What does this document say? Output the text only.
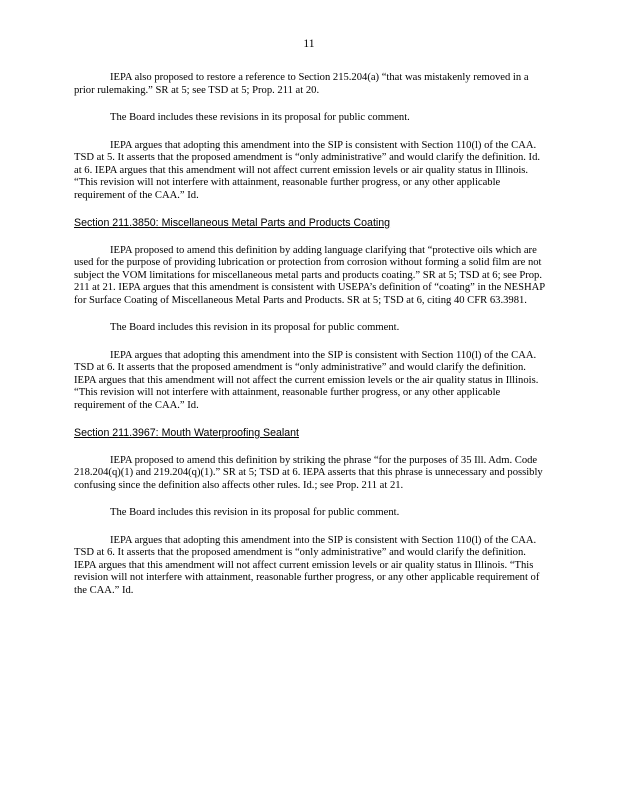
11

IEPA also proposed to restore a reference to Section 215.204(a) “that was mistakenly removed in a prior rulemaking.” SR at 5; see TSD at 5; Prop. 211 at 20.

The Board includes these revisions in its proposal for public comment.

IEPA argues that adopting this amendment into the SIP is consistent with Section 110(l) of the CAA. TSD at 5. It asserts that the proposed amendment is “only administrative” and would clarify the definition. Id. at 6. IEPA argues that this amendment will not affect current emission levels or air quality status in Illinois. “This revision will not interfere with attainment, reasonable further progress, or any other applicable requirement of the CAA.” Id.

Section 211.3850: Miscellaneous Metal Parts and Products Coating

IEPA proposed to amend this definition by adding language clarifying that “protective oils which are used for the purpose of providing lubrication or protection from corrosion without forming a solid film are not subject the VOM limitations for miscellaneous metal parts and products coating.” SR at 5; TSD at 6; see Prop. 211 at 21. IEPA argues that this amendment is consistent with USEPA’s definition of “coating” in the NESHAP for Surface Coating of Miscellaneous Metal Parts and Products. SR at 5; TSD at 6, citing 40 CFR 63.3981.

The Board includes this revision in its proposal for public comment.

IEPA argues that adopting this amendment into the SIP is consistent with Section 110(l) of the CAA. TSD at 6. It asserts that the proposed amendment is “only administrative” and would clarify the definition. IEPA argues that this amendment will not affect the current emission levels or the air quality status in Illinois. “This revision will not interfere with attainment, reasonable further progress, or any other applicable requirement of the CAA.” Id.

Section 211.3967: Mouth Waterproofing Sealant

IEPA proposed to amend this definition by striking the phrase “for the purposes of 35 Ill. Adm. Code 218.204(q)(1) and 219.204(q)(1).” SR at 5; TSD at 6. IEPA asserts that this phrase is unnecessary and possibly confusing since the definition also affects other rules. Id.; see Prop. 211 at 21.

The Board includes this revision in its proposal for public comment.

IEPA argues that adopting this amendment into the SIP is consistent with Section 110(l) of the CAA. TSD at 6. It asserts that the proposed amendment is “only administrative” and would clarify the definition. IEPA argues that this amendment will not affect current emission levels or air quality status in Illinois. “This revision will not interfere with attainment, reasonable further progress, or any other applicable requirement of the CAA.” Id.
